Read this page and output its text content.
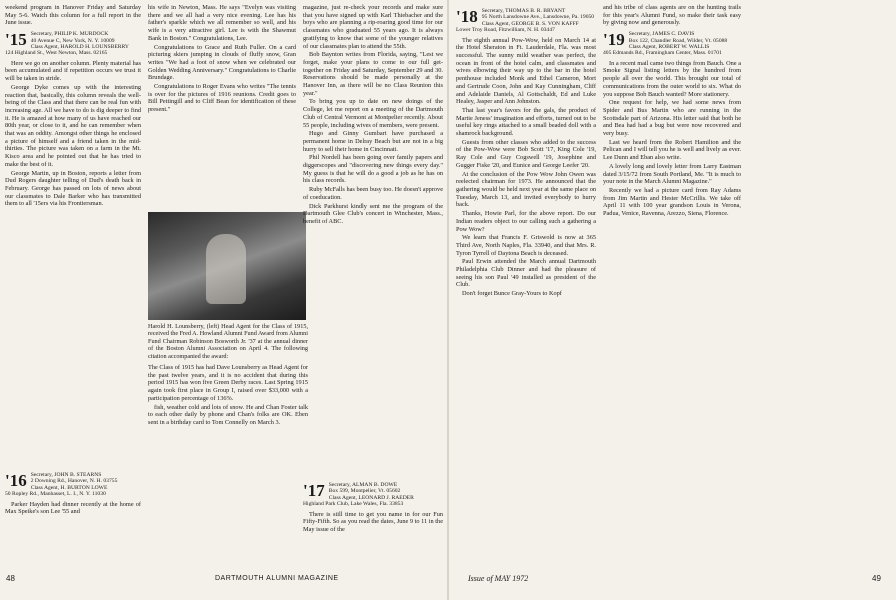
weekend program in Hanover Friday and Saturday May 5-6. Watch this column for a full report in the June issue.

'15 Secretary, PHILIP K. MURDOCK
40 Avenue C, New York, N. Y. 10009
Class Agent, HAROLD H. LOUNSBERRY
124 Highland St., West Newton, Mass. 02165

Here we go on another column. Plenty material has been accumulated and if repetition occurs we trust it will be taken in stride.

George Dyke comes up with the interesting reaction that, basically, this column reveals the well-being of the Class and that there can be real fun with increasing age. All we have to do is dig deeper to find it. He is amazed at how many of us have reached our 80th year, or close to it, and he can remember when that was an oddity. Amongst other things he enclosed a picture of himself and a friend taken in the mid-thirties. The picture was taken on a farm in the Mt. Kisco area and he pointed out that he has tried to make the best of it.

George Martin, up in Boston, reports a letter from Dud Rogers daughter telling of Dud's death back in February. George has passed on lots of news about our classmates to Dale Barker who has transmitted them to all '15ers via his Frontiersman.

his wife in Newton, Mass. He says "Evelyn was visiting there and we all had a very nice evening. Lee has his father's sparkle which we all remember so well, and his wife is a very attractive girl. Lee is with the Shawmut Bank in Boston." Congratulations, Lee.

Congratulations to Grace and Ruth Fuller. On a card picturing skiers jumping in clouds of fluffy snow, Gran writes "We had a foot of snow when we celebrated our Golden Wedding Anniversary." Congratulations to Charlie Brundage.

Congratulations to Roger Evans who writes "The tennis is over for the pictures of 1916 reunions. Credit goes to Bill Pettingill and to Cliff Bean for identification of these present."

Harold H. Lounsberry, (left) Head Agent for the Class of 1915, received the Fred A. Howland Alumni Fund Award from Alumni Fund Chairman Robinson Bosworth Jr. '37 at the annual dinner of the Boston Alumni Association on April 4. The following citation accompanied the award:

The Class of 1915 has had Dave Lounsberry as Head Agent for the past twelve years, and it is no accident that during this period 1915 has won five Green Derby races. Last Spring 1915 again took first place in Group I, raised over $33,000 with a participation percentage of 136%.

fish, weather cold and lots of snow. He and Chan Foster talk to each other daily by phone and Chan's folks are OK. Eben sent in a birthday card to Tom Connelly on March 3.

magazine, just re-check your records and make sure that you have signed up with Karl Thiebacher and the boys who are planning a rip-roaring good time for our classmates who graduated 55 years ago. It is always gratifying to know that some of the younger relatives of our classmates plan to attend the 55th.

Bob Baynton writes from Florida, saying, "Lest we forget, make your plans to come to our full get-together on Friday and Saturday, September 29 and 30. Reservations should be made personally at the Hanover Inn, as there will be no Class Reunion this year."

To bring you up to date on new doings of the College, let me report on a meeting of the Dartmouth Club of Central Vermont at Montpelier recently. About 55 people, including wives of members, were present.

Hugo and Ginny Gumbart have purchased a permanent home in Delray Beach but are not in a big hurry to sell their home in Cincinnati.

Phil Nordell has been going over family papers and diggerscopes and "discovering new things every day." My guess is that he will do a good a job as he has on his class records.

Ruby McFalls has been busy too. He doesn't approve of coeducation.

Dick Parkhurst kindly sent me the program of the Dartmouth Glee Club's concert in Winchester, Mass., benefit of ABC.

'16 Secretary, JOHN B. STEARNS
2 Downing Rd., Hanover, N. H. 03755
Class Agent, H. BURTON LOWE
50 Ropley Rd., Manhasset, L. I., N. Y. 11030

Parker Hayden had dinner recently at the home of Max Speike's son Lee '55 and

'17 Secretary, ALMAN B. DOWE
Box 599, Montpelier, Vt. 05602
Class Agent, LEONARD J. RAEDER
Highland Park Club, Lake Wales, Fla. 33853

There is still time to get you name in for our Fun Fifty-Fifth. So as you read the dates, June 9 to 11 in the May issue of the

48	DARTMOUTH ALUMNI MAGAZINE
'18 Secretary, THOMAS B. R. BRYANT
95 North Lansdowne Ave., Lansdowne, Pa. 19050
Class Agent, GEORGE B. S. VON KAFFF
Lower Troy Road, Fitzwilliam, N. H. 03447

The eighth annual Pow-Wow, held on March 14 at the Hotel Sheraton in Ft. Lauderdale, Fla. was most successful. The sunny mild weather was perfect, the ocean in front of the hotel calm, and classmates and wives elbowing their way up to the bar in the hotel penthouse included Monk and Ethel Cameron, Mort and Gertrude Coon, John and Kay Cunningham, Cliff and Adelaide Daniels, Al Gottschaldt, Ed and Luke Healey, Jasper and Ann Johnston.

That last year's favors for the gals, the product of Martie Jeness' imagination and efforts, turned out to be useful key rings attached to a small beaded doll with a shamrock background.

Guests from other classes who added to the success of the Pow-Wow were Bob Scott '17, King Cole '19, Ray Cole and Guy Cogswell '19, Josephine and Gugger Fiske '20, and Eunice and George Leefer '20.

At the conclusion of the Pow Wow John Owen was reelected chairman for 1973. He announced that the gathering would be held next year at the same place on Tuesday, March 13, and invited everybody to hurry back.

Thanks, Howie Parl, for the above report. Do our Indian readers object to our calling such a gathering a Pow Wow?

We learn that Francis F. Griswold is now at 365 Third Ave, North Naples, Fla. 33940, and that Mrs. R. Tyron Tyrrell of Daytona Beach is deceased.

Paul Erwin attended the March annual Dartmouth Philadelphia Club Dinner and had the pleasure of seeing his son Paul '49 installed as president of the Club.

Don't forget Bunce Gray-Yours to Kopf

and his tribe of class agents are on the hunting trails for this year's Alumni Fund, so make their task easy by giving now and generously.

'19 Secretary, JAMES C. DAVIS
Box 122, Chandler Road, Wilder, Vt. 05088
Class Agent, ROBERT W. WALLIS
405 Edmands Rd., Framingham Center, Mass. 01701

In a recent mail came two things from Bauch. One a Smoke Signal listing letters by the hundred from people all over the world. This brought our total of communications from the outer world to six. What do you suppose Bob Bauch wanted? More stationery.

One request for help, we had some news from Spider and Bus Martin who are running in the Scottsdale part of Arizona. His letter said that both he and Bea had had a bug but were now recovered and very busy.

Last we heard from the Robert Hamilton and the Pelican and I will tell you he is well and lively as ever. Lee Dunn and Eban also write.

A lovely long and lovely letter from Larry Eastman dated 3/15/72 from South Portland, Me. "It is much to your note in the March Alumni Magazine."

Recently we had a picture card from Ray Adams from Jim Martin and Hester McCrillis. We take off April 11 with 100 year grandson Louis in Verona, Padua, Venice, Ravenna, Arezzo, Siena, Florence.

Issue of MAY 1972	49
